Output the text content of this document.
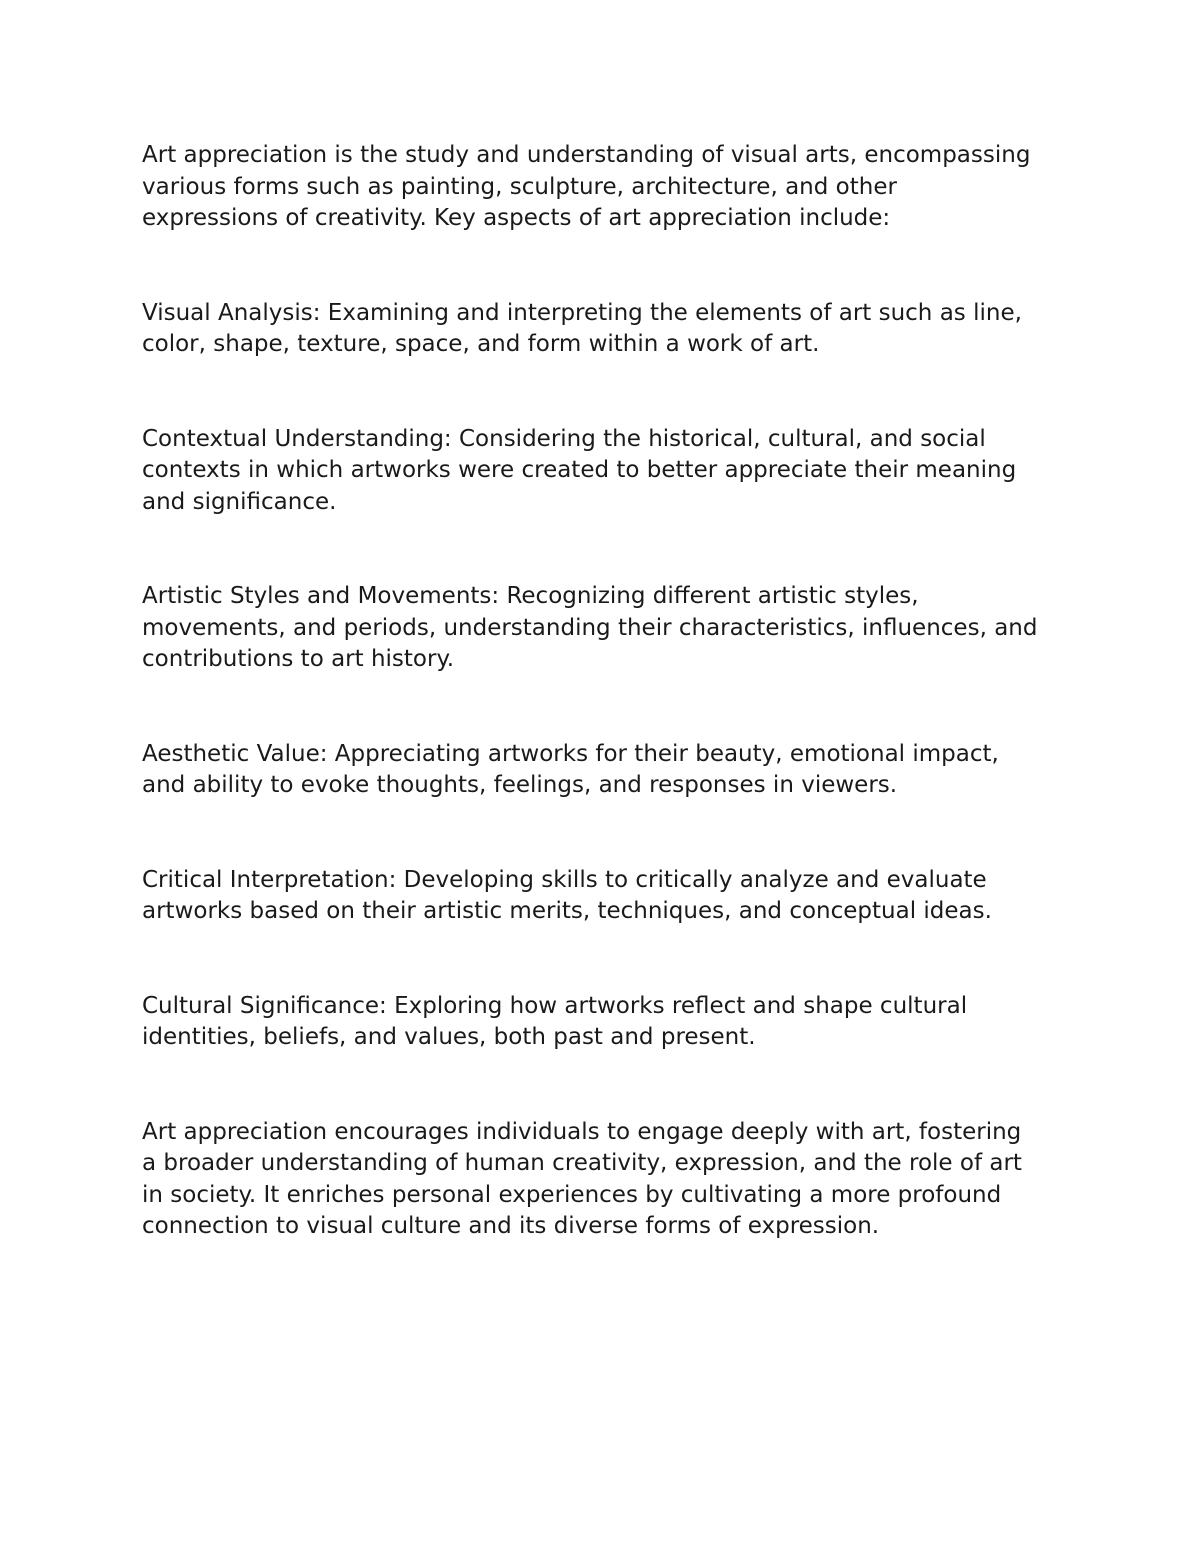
Art appreciation is the study and understanding of visual arts, encompassing
various forms such as painting, sculpture, architecture, and other
expressions of creativity. Key aspects of art appreciation include:

Visual Analysis: Examining and interpreting the elements of art such as line,
color, shape, texture, space, and form within a work of art.

Contextual Understanding: Considering the historical, cultural, and social
contexts in which artworks were created to better appreciate their meaning
and significance.

Artistic Styles and Movements: Recognizing different artistic styles,
movements, and periods, understanding their characteristics, influences, and
contributions to art history.

Aesthetic Value: Appreciating artworks for their beauty, emotional impact,
and ability to evoke thoughts, feelings, and responses in viewers.

Critical Interpretation: Developing skills to critically analyze and evaluate
artworks based on their artistic merits, techniques, and conceptual ideas.

Cultural Significance: Exploring how artworks reflect and shape cultural
identities, beliefs, and values, both past and present.

Art appreciation encourages individuals to engage deeply with art, fostering
a broader understanding of human creativity, expression, and the role of art
in society. It enriches personal experiences by cultivating a more profound
connection to visual culture and its diverse forms of expression.
